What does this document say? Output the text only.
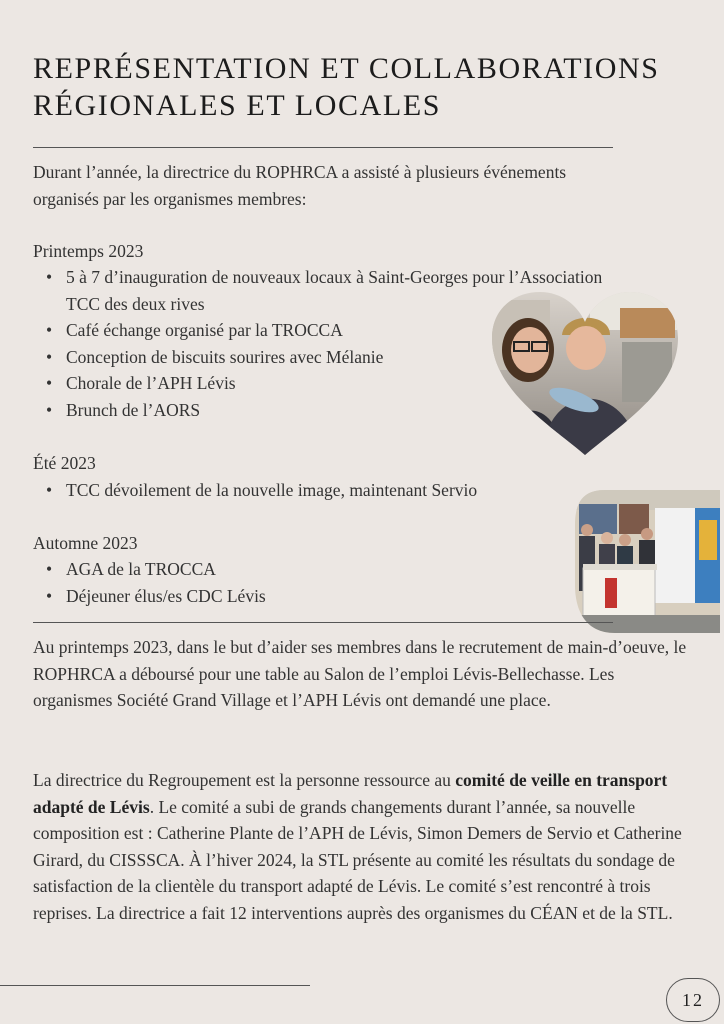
REPRÉSENTATION ET COLLABORATIONS
RÉGIONALES ET LOCALES

Durant l’année, la directrice du ROPHRCA a assisté à plusieurs événements organisés par les organismes membres:

Printemps 2023

• 5 à 7 d’inauguration de nouveaux locaux à Saint-Georges pour l’Association TCC des deux rives
• Café échange organisé par la TROCCA
• Conception de biscuits sourires avec Mélanie
• Chorale de l’APH Lévis
• Brunch de l’AORS

Été 2023

• TCC dévoilement de la nouvelle image, maintenant Servio

Automne 2023

• AGA de la TROCCA
• Déjeuner élus/es CDC Lévis

Au printemps 2023, dans le but d’aider ses membres dans le recrutement de main-d’oeuve, le ROPHRCA a déboursé pour une table au Salon de l’emploi Lévis-Bellechasse. Les organismes Société Grand Village et l’APH Lévis ont demandé une place.

La directrice du Regroupement est la personne ressource au comité de veille en transport adapté de Lévis. Le comité a subi de grands changements durant l’année, sa nouvelle composition est : Catherine Plante de l’APH de Lévis, Simon Demers de Servio et Catherine Girard, du CISSSCA. À l’hiver 2024, la STL présente au comité les résultats du sondage de satisfaction de la clientèle du transport adapté de Lévis. Le comité s’est rencontré à trois reprises. La directrice a fait 12 interventions auprès des organismes du CÉAN et de la STL.

12
